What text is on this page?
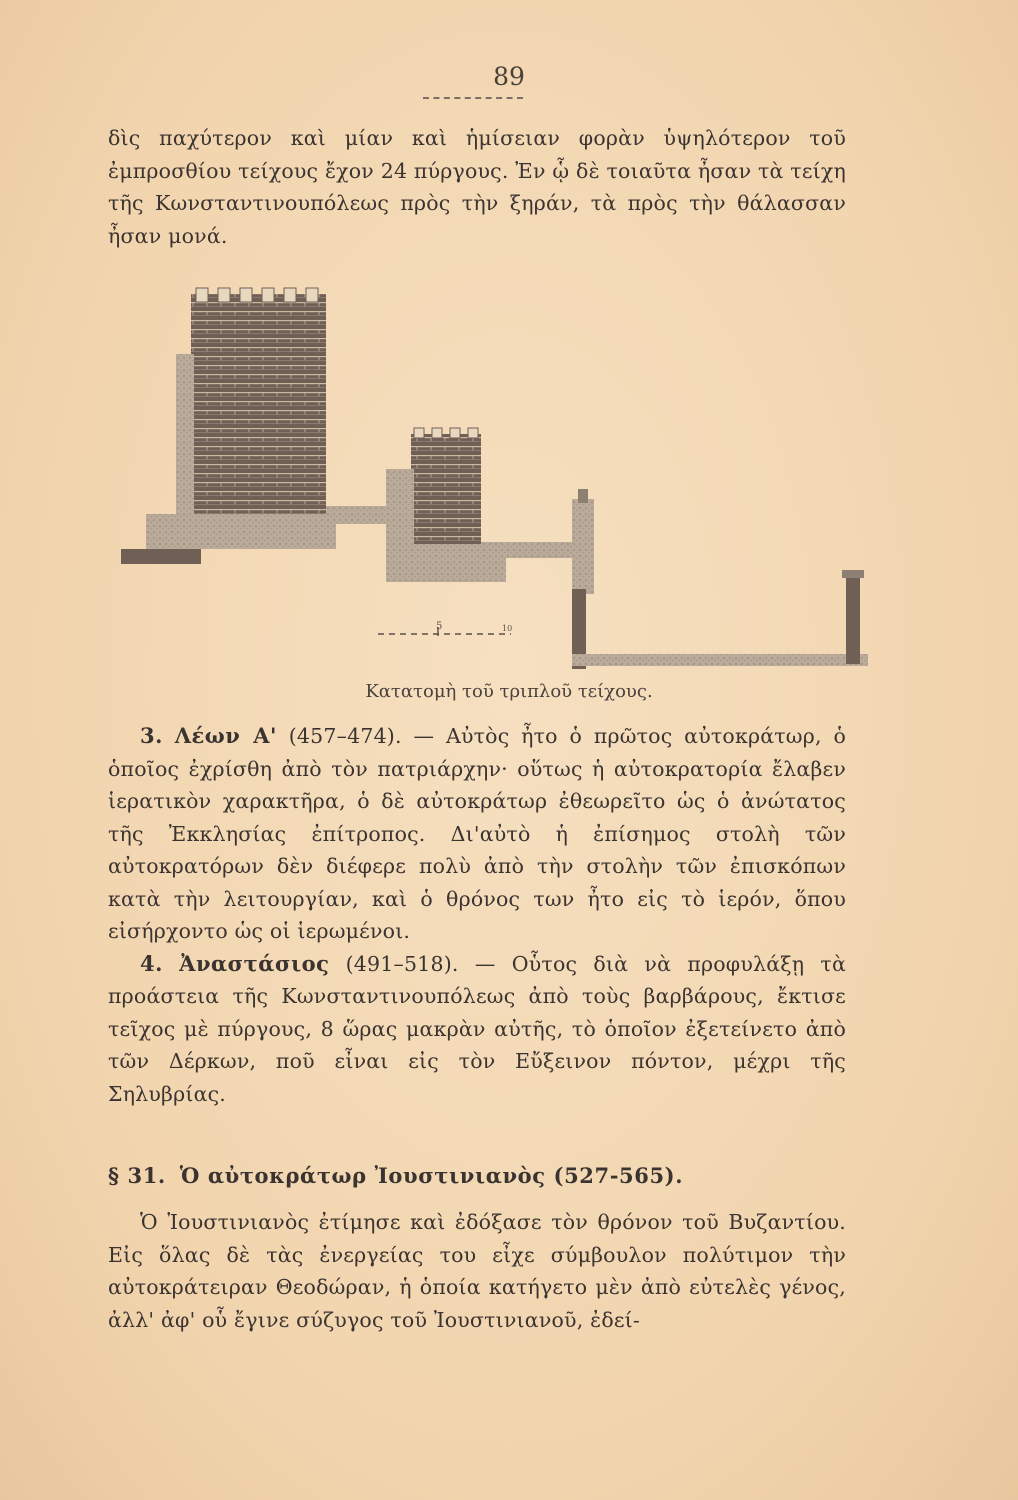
89

δὶς παχύτερον καὶ μίαν καὶ ἡμίσειαν φορὰν ὑψηλότερον τοῦ ἐμπροσθίου τείχους ἔχον 24 πύργους. Ἐν ᾧ δὲ τοιαῦτα ἦσαν τὰ τείχη τῆς Κωνσταντινουπόλεως πρὸς τὴν ξηράν, τὰ πρὸς τὴν θάλασσαν ἦσαν μονά.

5	10
Κατατομὴ τοῦ τριπλοῦ τείχους.

3. Λέων Α' (457–474). — Αὐτὸς ἦτο ὁ πρῶτος αὐτοκράτωρ, ὁ ὁποῖος ἐχρίσθη ἀπὸ τὸν πατριάρχην· οὕτως ἡ αὐτοκρατορία ἔλαβεν ἱερατικὸν χαρακτῆρα, ὁ δὲ αὐτοκράτωρ ἐθεωρεῖτο ὡς ὁ ἀνώτατος τῆς Ἐκκλησίας ἐπίτροπος. Δι'αὐτὸ ἡ ἐπίσημος στολὴ τῶν αὐτοκρατόρων δὲν διέφερε πολὺ ἀπὸ τὴν στολὴν τῶν ἐπισκόπων κατὰ τὴν λειτουργίαν, καὶ ὁ θρόνος των ἦτο εἰς τὸ ἱερόν, ὅπου εἰσήρχοντο ὡς οἱ ἱερωμένοι.

4. Ἀναστάσιος (491–518). — Οὗτος διὰ νὰ προφυλάξῃ τὰ προάστεια τῆς Κωνσταντινουπόλεως ἀπὸ τοὺς βαρβάρους, ἔκτισε τεῖχος μὲ πύργους, 8 ὥρας μακρὰν αὐτῆς, τὸ ὁποῖον ἐξετείνετο ἀπὸ τῶν Δέρκων, ποῦ εἶναι εἰς τὸν Εὔξεινον πόντον, μέχρι τῆς Σηλυβρίας.

§ 31. Ὁ αὐτοκράτωρ Ἰουστινιανὸς (527-565).

Ὁ Ἰουστινιανὸς ἐτίμησε καὶ ἐδόξασε τὸν θρόνον τοῦ Βυζαντίου. Εἰς ὅλας δὲ τὰς ἐνεργείας του εἶχε σύμβουλον πολύτιμον τὴν αὐτοκράτειραν Θεοδώραν, ἡ ὁποία κατήγετο μὲν ἀπὸ εὐτελὲς γένος, ἀλλ' ἀφ' οὗ ἔγινε σύζυγος τοῦ Ἰουστινιανοῦ, ἐδεί-
